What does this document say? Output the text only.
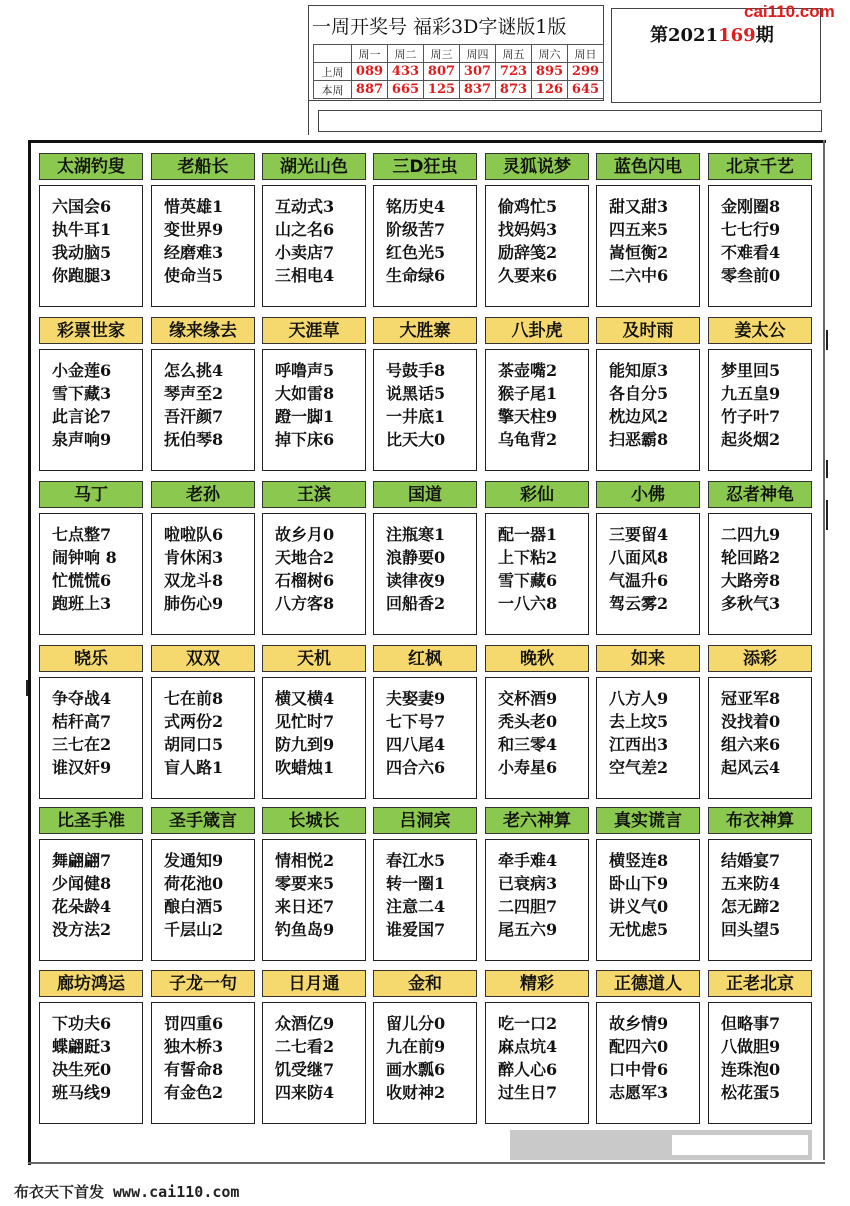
一周开奖号 福彩3D字谜版1版
	周一	周二	周三	周四	周五	周六	周日
上周	089	433	807	307	723	895	299
本周	887	665	125	837	873	126	645
第2021169期
cai110.com
太湖钓叟
六国会6
执牛耳1
我动脑5
你跑腿3
老船长
惜英雄1
变世界9
经磨难3
使命当5
湖光山色
互动式3
山之名6
小卖店7
三相电4
三D狂虫
铭历史4
阶级苦7
红色光5
生命绿6
灵狐说梦
偷鸡忙5
找妈妈3
励辞笺2
久要来6
蓝色闪电
甜又甜3
四五来5
嵩恒衡2
二六中6
北京千艺
金刚圈8
七七行9
不难看4
零叁前0
彩票世家
小金莲6
雪下藏3
此言论7
泉声响9
缘来缘去
怎么挑4
琴声至2
吾汗颜7
抚伯琴8
天涯草
呼噜声5
大如雷8
蹬一脚1
掉下床6
大胜寨
号鼓手8
说黑话5
一井底1
比天大0
八卦虎
茶壶嘴2
猴子尾1
擎天柱9
乌龟背2
及时雨
能知原3
各自分5
枕边风2
扫恶霸8
姜太公
梦里回5
九五皇9
竹子叶7
起炎烟2
马丁
七点整7
闹钟响 8
忙慌慌6
跑班上3
老孙
啦啦队6
肯休闲3
双龙斗8
肺伤心9
王滨
故乡月0
天地合2
石榴树6
八方客8
国道
注瓶寒1
浪静要0
读律夜9
回船香2
彩仙
配一器1
上下粘2
雪下藏6
一八六8
小佛
三要留4
八面风8
气温升6
驾云雾2
忍者神龟
二四九9
轮回路2
大路旁8
多秋气3
晓乐
争夺战4
桔秆高7
三七在2
谁汉奸9
双双
七在前8
式两份2
胡同口5
盲人路1
天机
横又横4
见忙时7
防九到9
吹蜡烛1
红枫
夫娶妻9
七下号7
四八尾4
四合六6
晚秋
交杯酒9
秃头老0
和三零4
小寿星6
如来
八方人9
去上坟5
江西出3
空气差2
添彩
冠亚军8
没找着0
组六来6
起风云4
比圣手准
舞翩翩7
少闻健8
花朵龄4
没方法2
圣手箴言
发通知9
荷花池0
酿白酒5
千层山2
长城长
情相悦2
零要来5
来日还7
钓鱼岛9
吕洞宾
春江水5
转一圈1
注意二4
谁爱国7
老六神算
牵手难4
已衰病3
二四胆7
尾五六9
真实谎言
横竖连8
卧山下9
讲义气0
无忧虑5
布衣神算
结婚宴7
五来防4
怎无蹄2
回头望5
廊坊鸿运
下功夫6
蝶翩跹3
决生死0
班马线9
子龙一句
罚四重6
独木桥3
有誓命8
有金色2
日月通
众酒亿9
二七看2
饥受继7
四来防4
金和
留儿分0
九在前9
画水瓢6
收财神2
精彩
吃一口2
麻点坑4
醉人心6
过生日7
正德道人
故乡情9
配四六0
口中骨6
志愿军3
正老北京
但略事7
八做胆9
连珠泡0
松花蛋5
布衣天下首发 www.cai110.com
